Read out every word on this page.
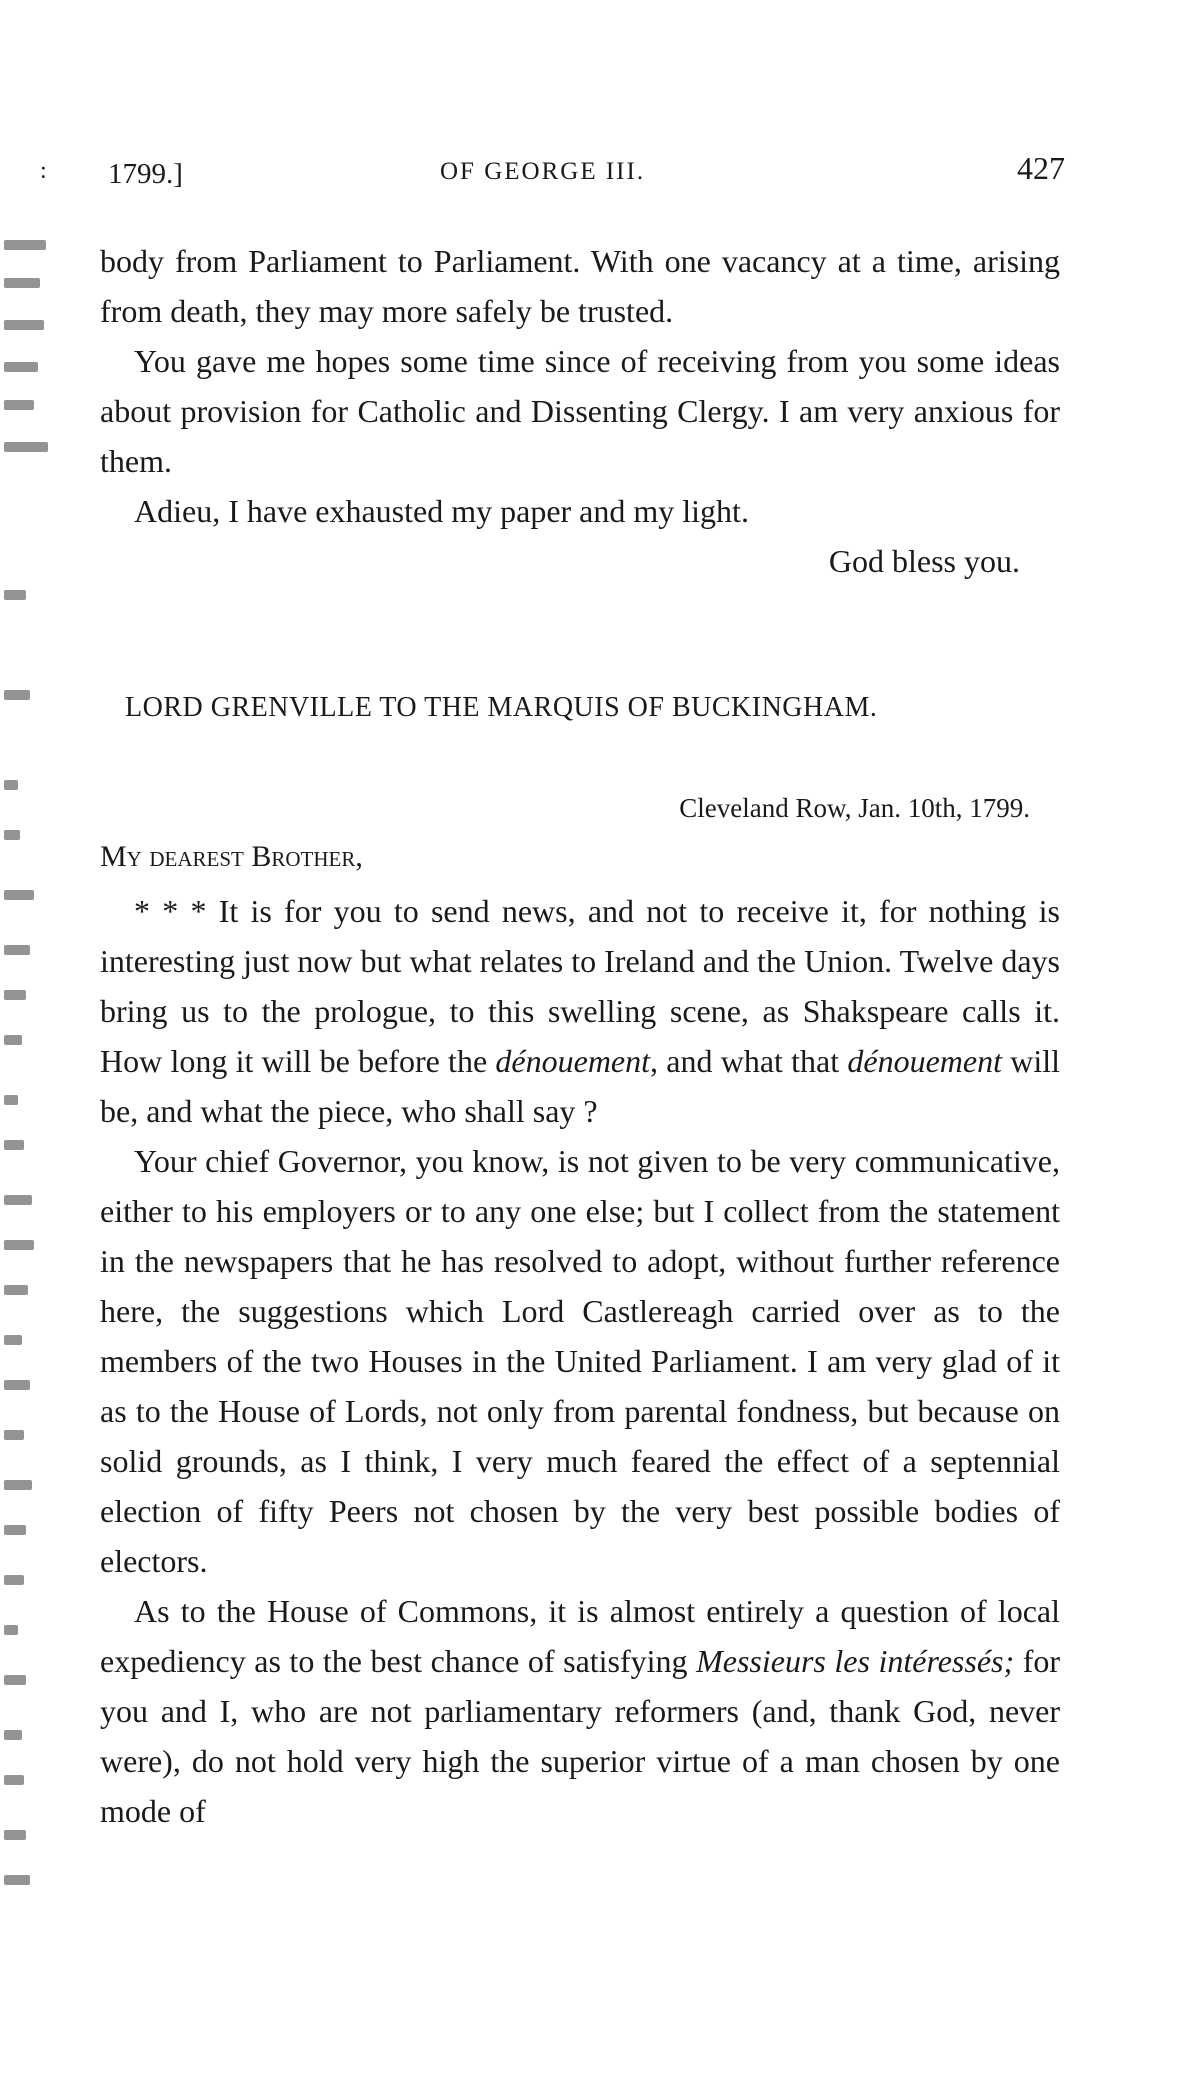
: 1799.]	OF GEORGE III.	427

body from Parliament to Parliament. With one vacancy at a time, arising from death, they may more safely be trusted.

You gave me hopes some time since of receiving from you some ideas about provision for Catholic and Dissenting Clergy. I am very anxious for them.

Adieu, I have exhausted my paper and my light.

God bless you.

LORD GRENVILLE TO THE MARQUIS OF BUCKINGHAM.
Cleveland Row, Jan. 10th, 1799.
My dearest Brother,

* * * It is for you to send news, and not to receive it, for nothing is interesting just now but what relates to Ireland and the Union. Twelve days bring us to the prologue, to this swelling scene, as Shakspeare calls it. How long it will be before the dénouement, and what that dénouement will be, and what the piece, who shall say ?

Your chief Governor, you know, is not given to be very communicative, either to his employers or to any one else; but I collect from the statement in the newspapers that he has resolved to adopt, without further reference here, the suggestions which Lord Castlereagh carried over as to the members of the two Houses in the United Parliament. I am very glad of it as to the House of Lords, not only from parental fondness, but because on solid grounds, as I think, I very much feared the effect of a septennial election of fifty Peers not chosen by the very best possible bodies of electors.

As to the House of Commons, it is almost entirely a question of local expediency as to the best chance of satisfying Messieurs les intéressés; for you and I, who are not parliamentary reformers (and, thank God, never were), do not hold very high the superior virtue of a man chosen by one mode of
